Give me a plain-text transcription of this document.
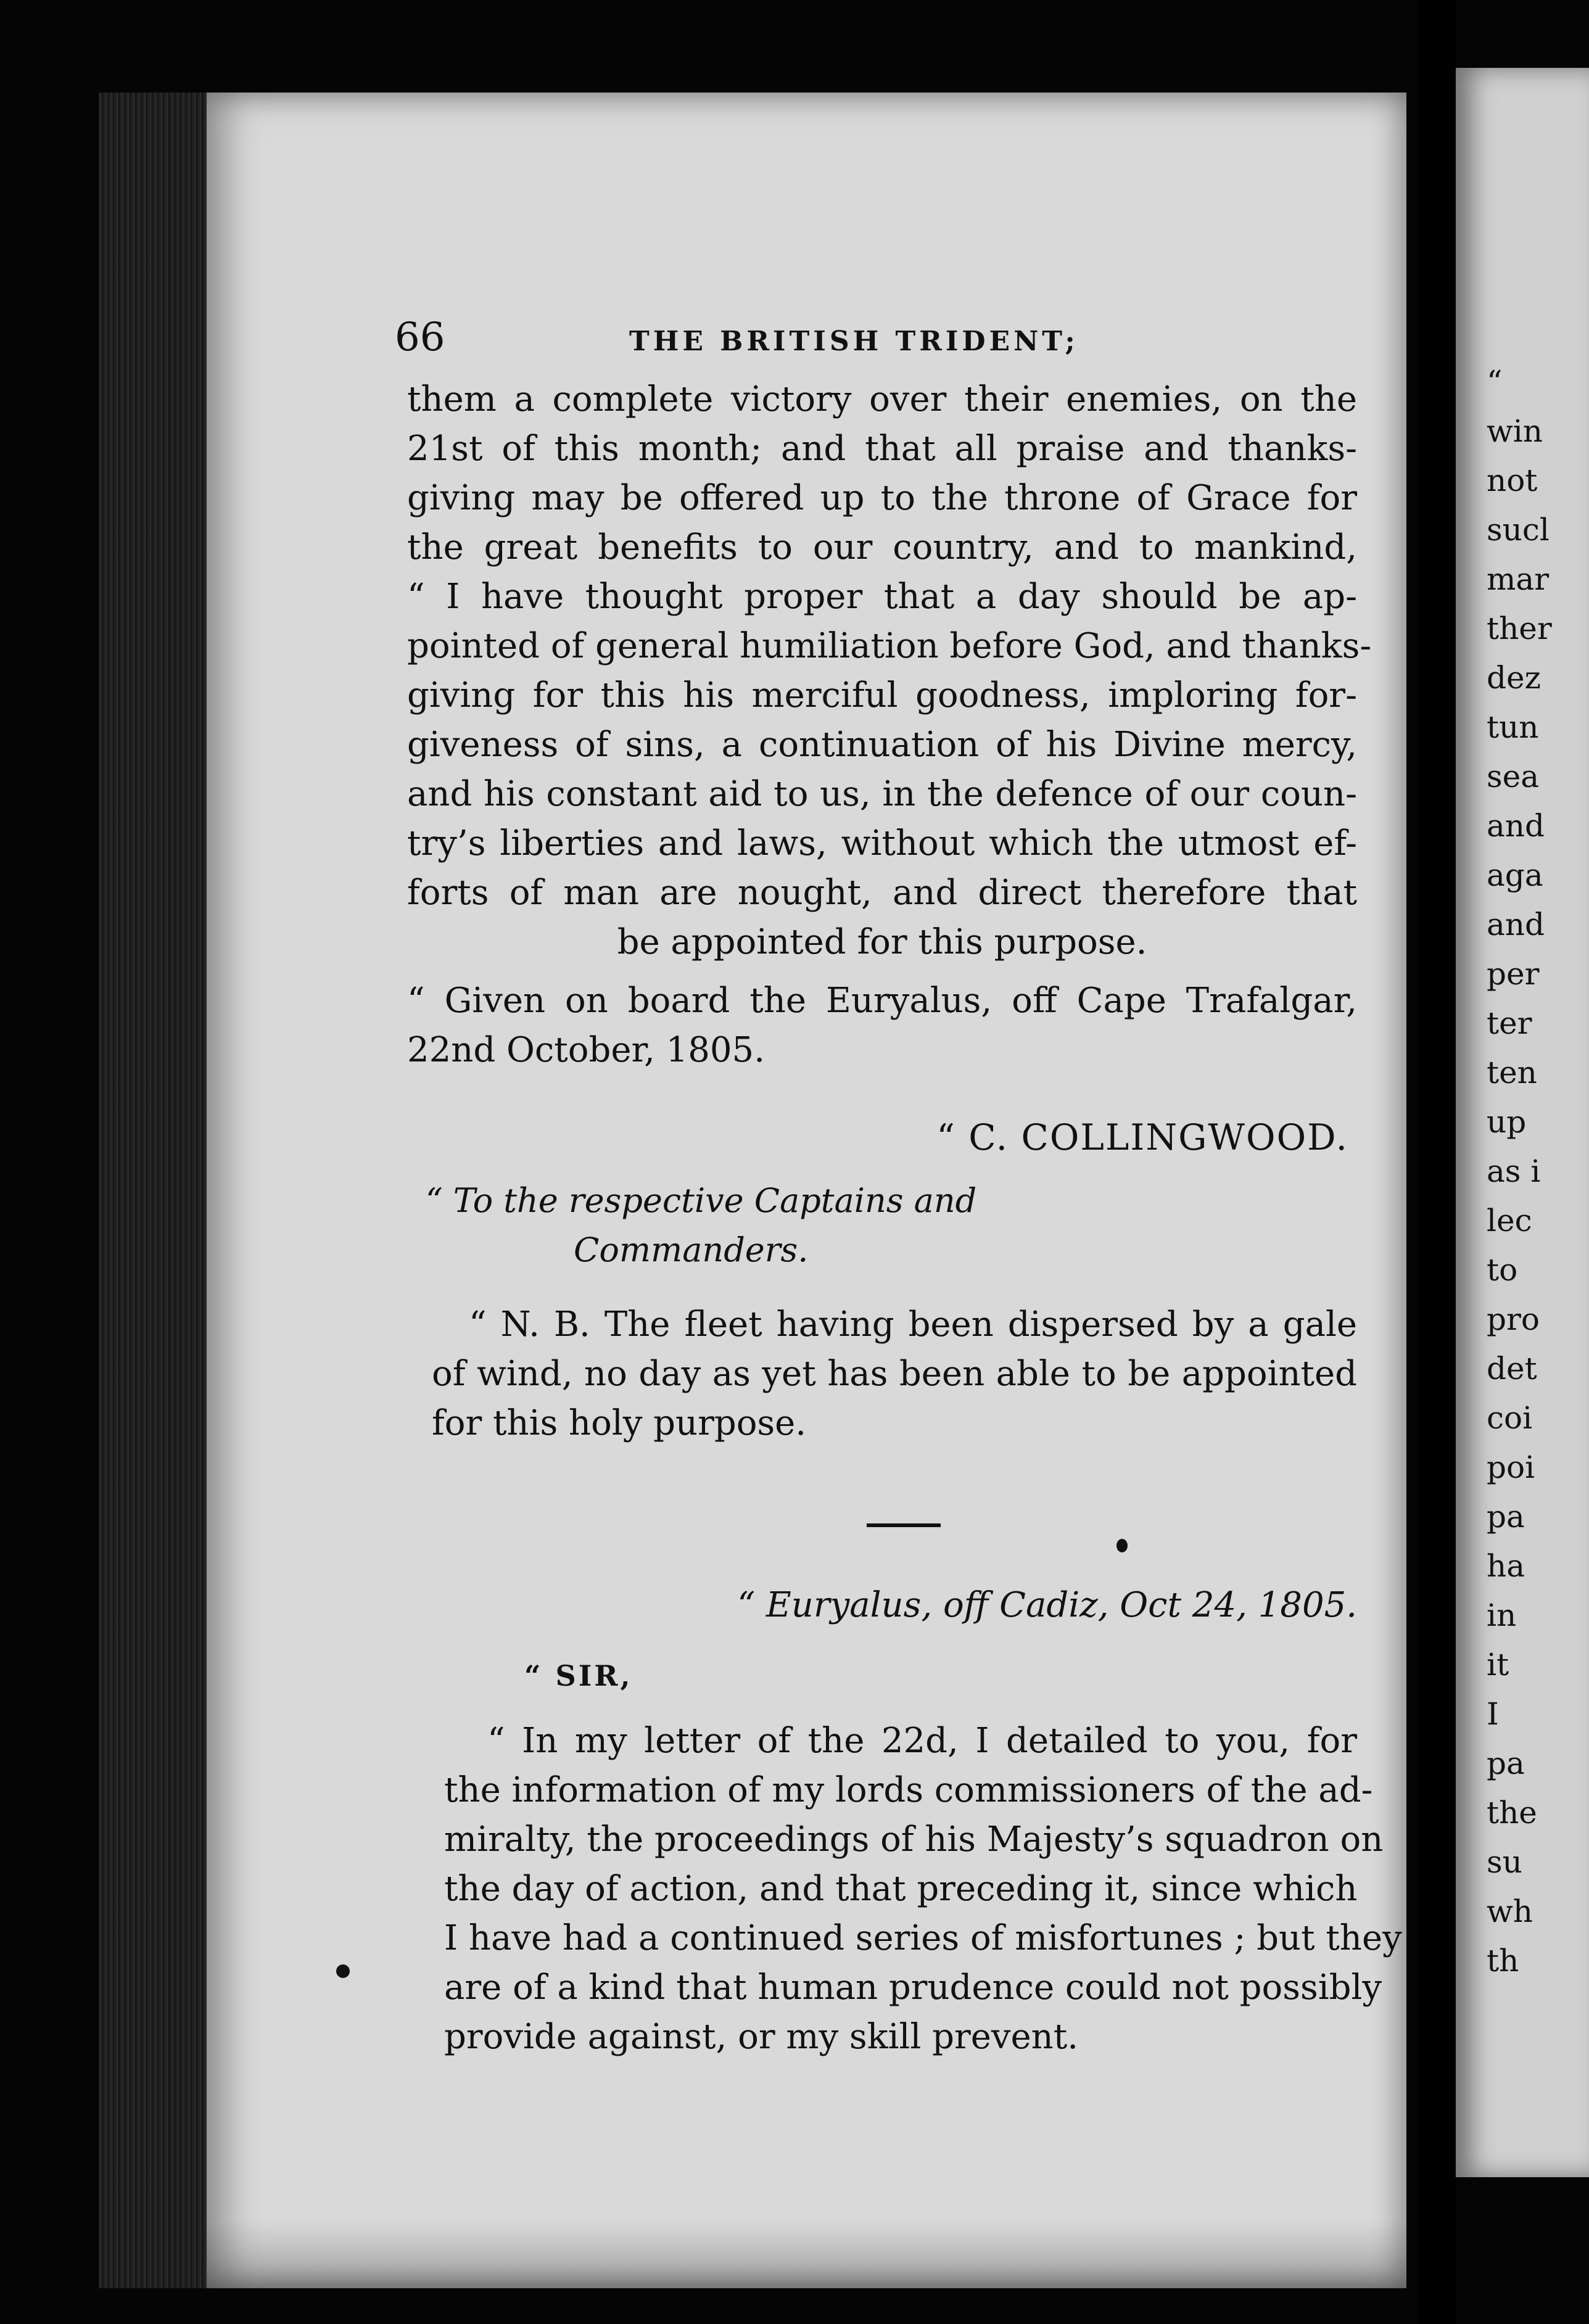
“
win
not
sucl
mar
ther
dez
tun
sea
and
aga
and
per
ter
ten
up
as i
lec
to
pro
det
coi
poi
pa
ha
in
it
I
pa
the
su
wh
th
66	THE BRITISH TRIDENT;
them a complete victory over their enemies, on the
21st of this month; and that all praise and thanks-
giving may be offered up to the throne of Grace for
the great benefits to our country, and to mankind,
“ I have thought proper that a day should be ap-
pointed of general humiliation before God, and thanks-
giving for this his merciful goodness, imploring for-
giveness of sins, a continuation of his Divine mercy,
and his constant aid to us, in the defence of our coun-
try’s liberties and laws, without which the utmost ef-
forts of man are nought, and direct therefore that
be appointed for this purpose.
“ Given on board the Euryalus, off Cape Trafalgar,
22nd October, 1805.
“ C. COLLINGWOOD.
“ To the respective Captains and
Commanders.
“ N. B. The fleet having been dispersed by a gale
of wind, no day as yet has been able to be appointed
for this holy purpose.
“ Euryalus, off Cadiz, Oct 24, 1805.
“ SIR,
“ In my letter of the 22d, I detailed to you, for
the information of my lords commissioners of the ad-
miralty, the proceedings of his Majesty’s squadron on
the day of action, and that preceding it, since which
I have had a continued series of misfortunes ; but they
are of a kind that human prudence could not possibly
provide against, or my skill prevent.
